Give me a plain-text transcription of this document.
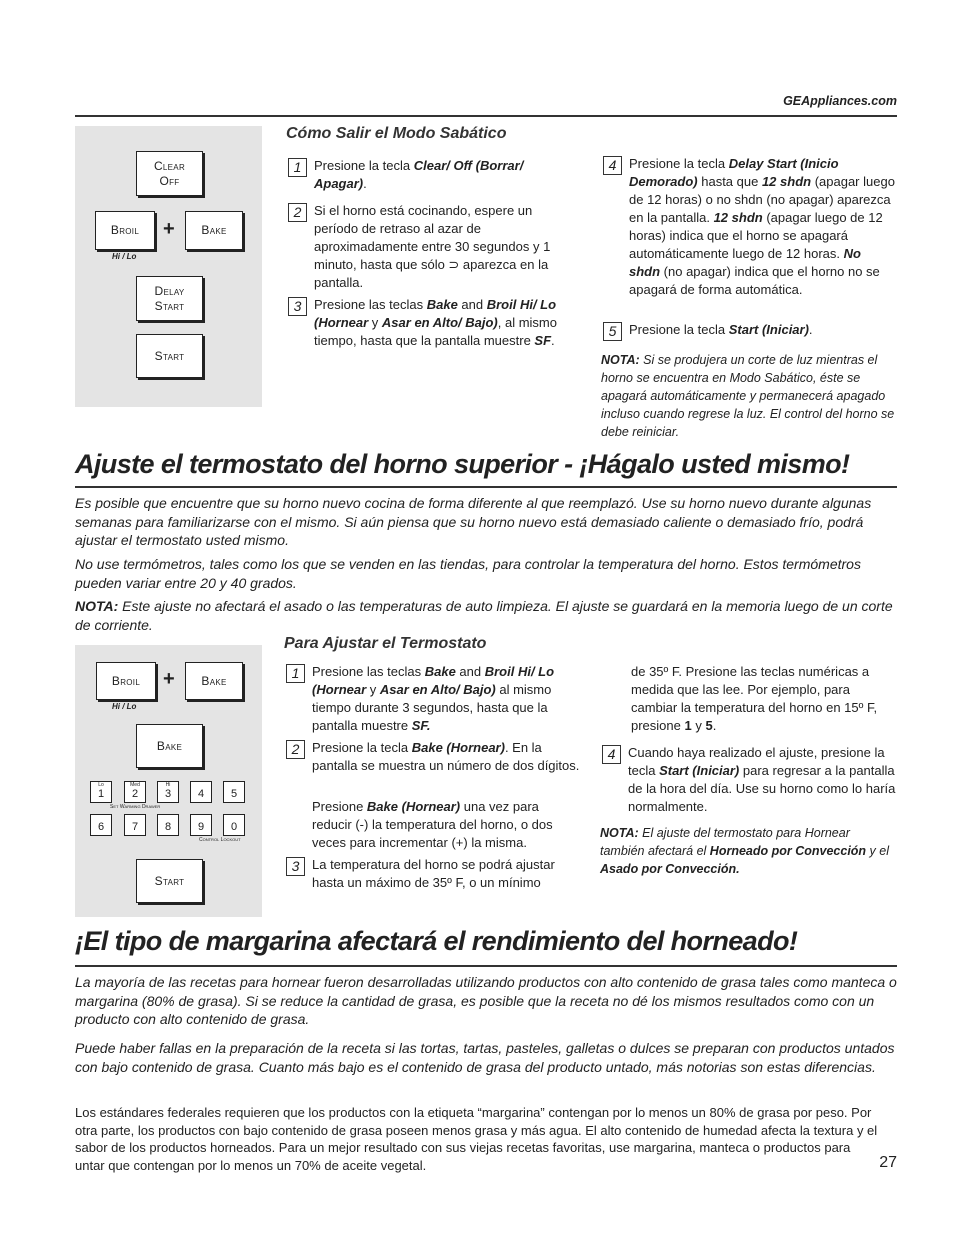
GEAppliances.com
Clear
Off
Broil	+	Bake
Hi / Lo
Delay
Start
Start
Cómo Salir el Modo Sabático
1 Presione la tecla Clear/ Off (Borrar/ Apagar).
2 Si el horno está cocinando, espere un período de retraso al azar de aproximadamente entre 30 segundos y 1 minuto, hasta que sólo ⊃ aparezca en la pantalla.
3 Presione las teclas Bake and Broil Hi/ Lo (Hornear y Asar en Alto/ Bajo), al mismo tiempo, hasta que la pantalla muestre SF.
4 Presione la tecla Delay Start (Inicio Demorado) hasta que 12 shdn (apagar luego de 12 horas) o no shdn (no apagar) aparezca en la pantalla. 12 shdn (apagar luego de 12 horas) indica que el horno se apagará automáticamente luego de 12 horas. No shdn (no apagar) indica que el horno no se apagará de forma automática.
5 Presione la tecla Start (Iniciar).
NOTA: Si se produjera un corte de luz mientras el horno se encuentra en Modo Sabático, éste se apagará automáticamente y permanecerá apagado incluso cuando regrese la luz. El control del horno se debe reiniciar.
Ajuste el termostato del horno superior - ¡Hágalo usted mismo!

Es posible que encuentre que su horno nuevo cocina de forma diferente al que reemplazó. Use su horno nuevo durante algunas semanas para familiarizarse con el mismo. Si aún piensa que su horno nuevo está demasiado caliente o demasiado frío, podrá ajustar el termostato usted mismo.

No use termómetros, tales como los que se venden en las tiendas, para controlar la temperatura del horno. Estos termómetros pueden variar entre 20 y 40 grados.

NOTA: Este ajuste no afectará el asado o las temperaturas de auto limpieza. El ajuste se guardará en la memoria luego de un corte de corriente.

Broil	+	Bake
Hi / Lo
Bake
Lo
1
Med
2
Hi
3 4 5
Set Warming Drawer
6	7 8 9 0
Control Lockout
Start
Para Ajustar el Termostato
1 Presione las teclas Bake and Broil Hi/ Lo (Hornear y Asar en Alto/ Bajo) al mismo tiempo durante 3 segundos, hasta que la pantalla muestre SF.
2 Presione la tecla Bake (Hornear). En la pantalla se muestra un número de dos dígitos.
Presione Bake (Hornear) una vez para reducir (-) la temperatura del horno, o dos veces para incrementar (+) la misma.
3 La temperatura del horno se podrá ajustar hasta un máximo de 35º F, o un mínimo
de 35º F. Presione las teclas numéricas a medida que las lee. Por ejemplo, para cambiar la temperatura del horno en 15º F, presione 1 y 5.
4 Cuando haya realizado el ajuste, presione la tecla Start (Iniciar) para regresar a la pantalla de la hora del día. Use su horno como lo haría normalmente.
NOTA: El ajuste del termostato para Hornear también afectará el Horneado por Convección y el Asado por Convección.
¡El tipo de margarina afectará el rendimiento del horneado!

La mayoría de las recetas para hornear fueron desarrolladas utilizando productos con alto contenido de grasa tales como manteca o margarina (80% de grasa). Si se reduce la cantidad de grasa, es posible que la receta no dé los mismos resultados como con un producto con alto contenido de grasa.

Puede haber fallas en la preparación de la receta si las tortas, tartas, pasteles, galletas o dulces se preparan con productos untados con bajo contenido de grasa. Cuanto más bajo es el contenido de grasa del producto untado, más notorias son estas diferencias.

Los estándares federales requieren que los productos con la etiqueta “margarina” contengan por lo menos un 80% de grasa por peso. Por otra parte, los productos con bajo contenido de grasa poseen menos grasa y más agua. El alto contenido de humedad afecta la textura y el sabor de los productos horneados. Para un mejor resultado con sus viejas recetas favoritas, use margarina, manteca o productos para untar que contengan por lo menos un 70% de aceite vegetal.	27
